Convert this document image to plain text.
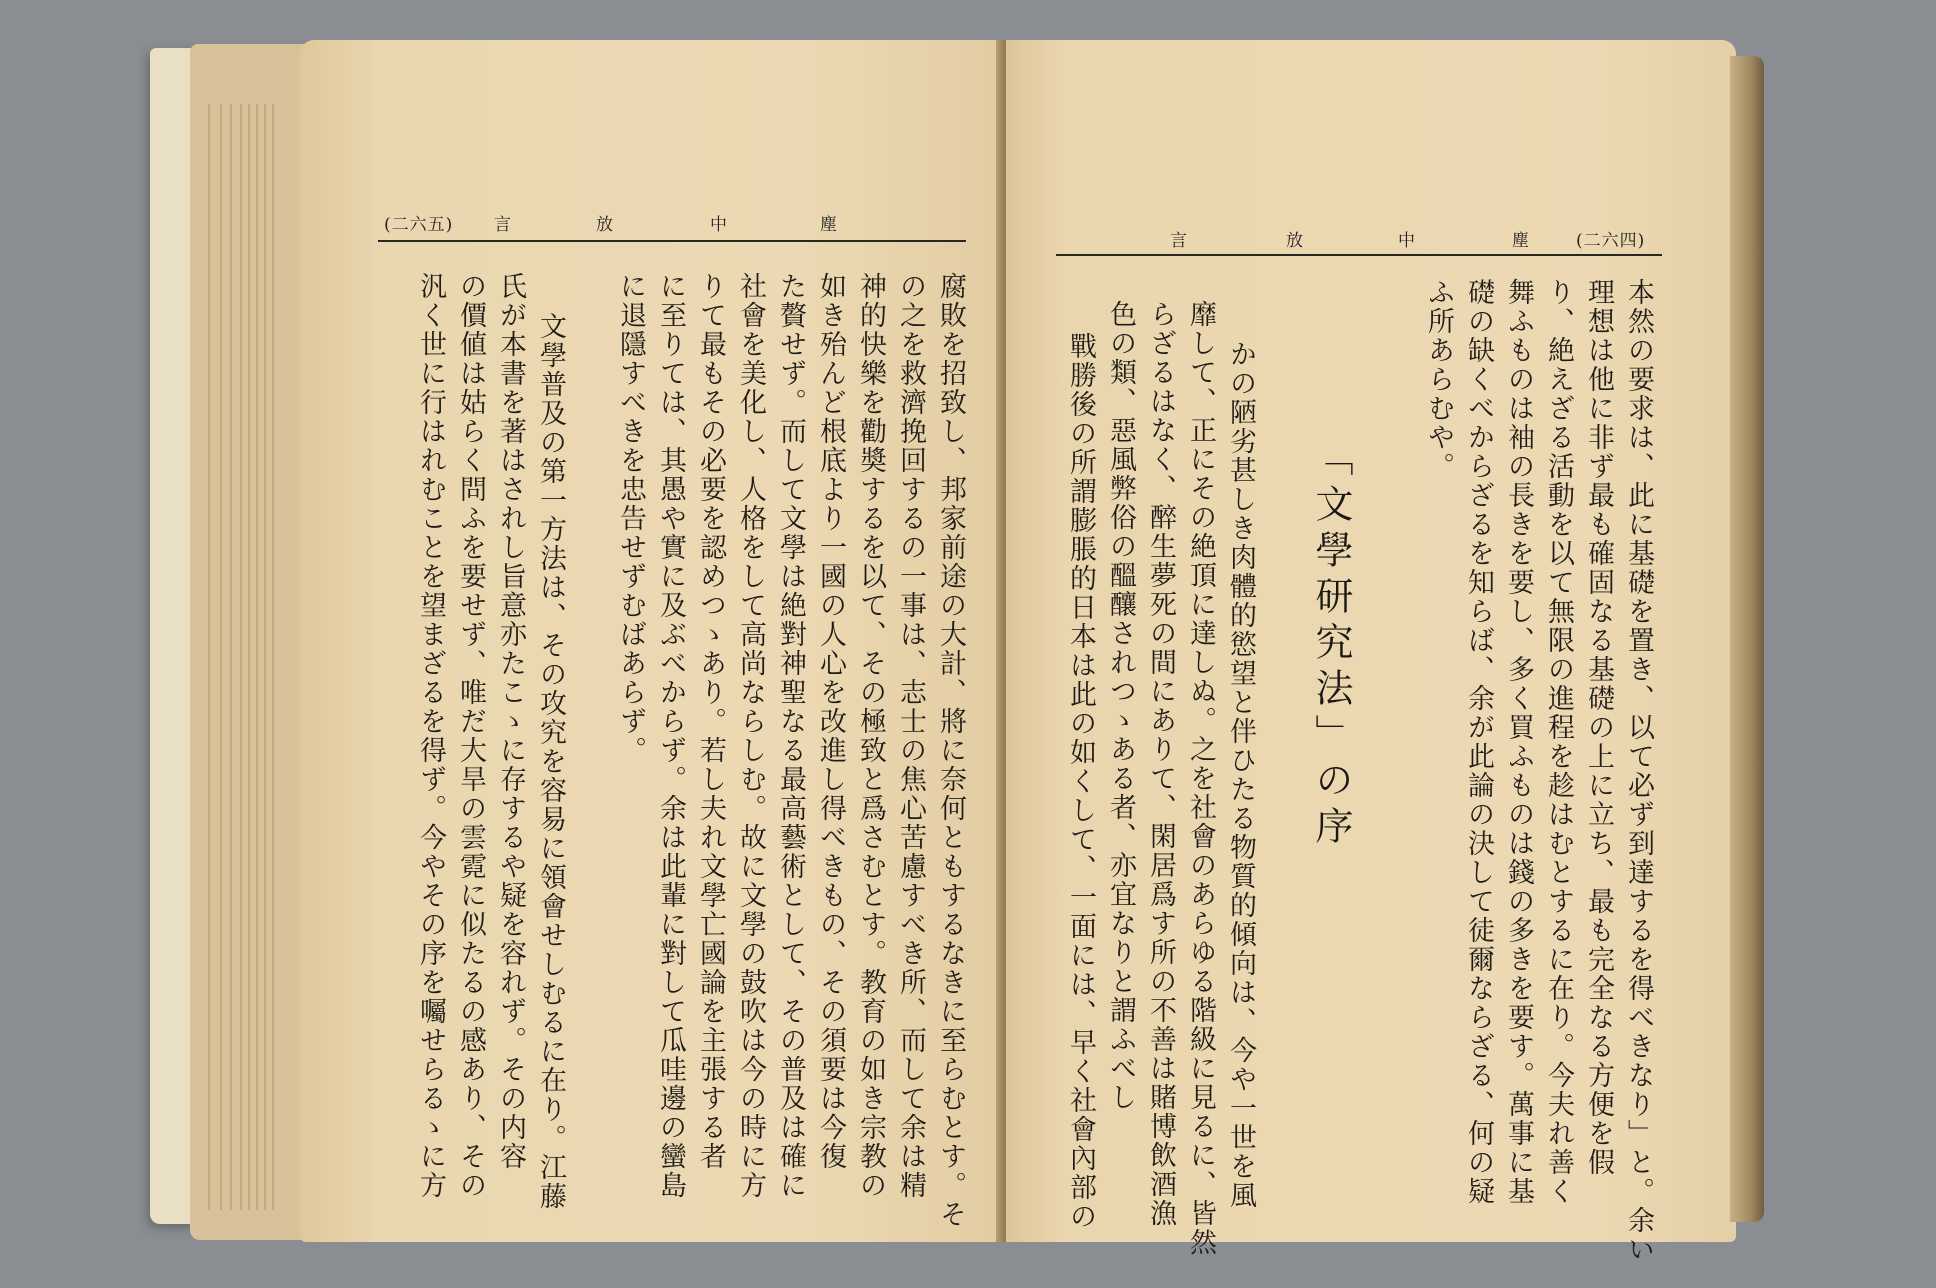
(二六五) 言	放	中	塵
腐敗を招致し、邦家前途の大計、將に奈何ともするなきに至らむとす。そ
の之を救濟挽回するの一事は、志士の焦心苦慮すべき所、而して余は精
神的快樂を勸奬するを以て、その極致と爲さむとす。教育の如き宗教の
如き殆んど根底より一國の人心を改進し得べきもの、その須要は今復
た贅せず。而して文學は絶對神聖なる最高藝術として、その普及は確に
社會を美化し、人格をして高尚ならしむ。故に文學の鼓吹は今の時に方
りて最もその必要を認めつゝあり。若し夫れ文學亡國論を主張する者
に至りては、其愚や實に及ぶべからず。余は此輩に對して瓜哇邊の蠻島
に退隱すべきを忠告せずむばあらず。
文學普及の第一方法は、その攻究を容易に領會せしむるに在り。江藤
氏が本書を著はされし旨意亦たこゝに存するや疑を容れず。その内容
の價値は姑らく問ふを要せず、唯だ大旱の雲霓に似たるの感あり、その
汎く世に行はれむことを望まざるを得ず。今やその序を囑せらるゝに方
言	放	中	塵	(二六四)
本然の要求は、此に基礎を置き、以て必ず到達するを得べきなり」と。余い
理想は他に非ず最も確固なる基礎の上に立ち、最も完全なる方便を假
り、絶えざる活動を以て無限の進程を趁はむとするに在り。今夫れ善く
舞ふものは袖の長きを要し、多く買ふものは錢の多きを要す。萬事に基
礎の缺くべからざるを知らば、余が此論の決して徒爾ならざる、何の疑
ふ所あらむや。
「文學研究法」の序
かの陋劣甚しき肉體的慾望と伴ひたる物質的傾向は、今や一世を風
靡して、正にその絶頂に達しぬ。之を社會のあらゆる階級に見るに、皆然
らざるはなく、醉生夢死の間にありて、閑居爲す所の不善は賭博飲酒漁
色の類、惡風弊俗の醞釀されつゝある者、亦宜なりと謂ふべし
戰勝後の所謂膨脹的日本は此の如くして、一面には、早く社會內部の
